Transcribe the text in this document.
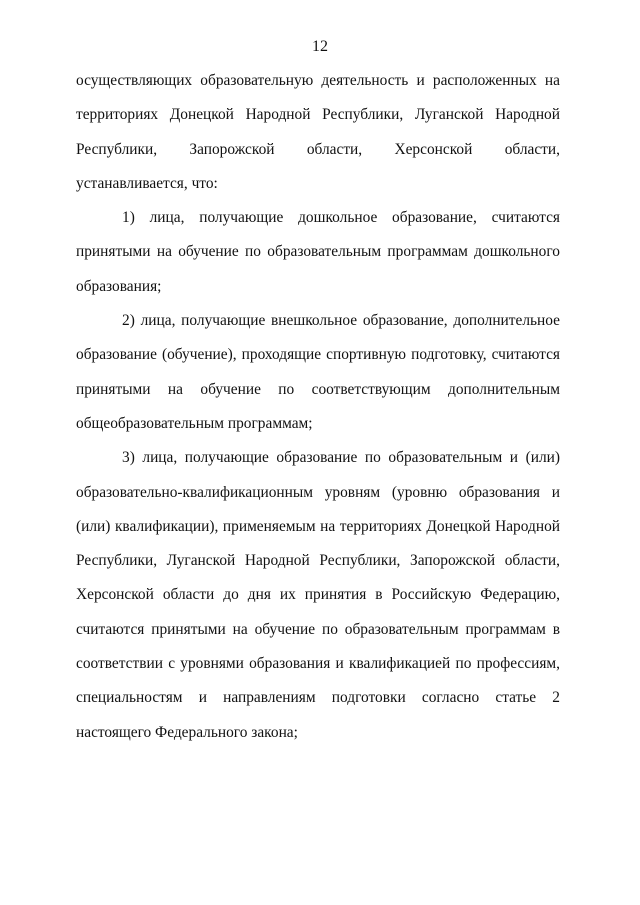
12

осуществляющих образовательную деятельность и расположенных на территориях Донецкой Народной Республики, Луганской Народной Республики, Запорожской области, Херсонской области, устанавливается, что:

1) лица, получающие дошкольное образование, считаются принятыми на обучение по образовательным программам дошкольного образования;

2) лица, получающие внешкольное образование, дополнительное образование (обучение), проходящие спортивную подготовку, считаются принятыми на обучение по соответствующим дополнительным общеобразовательным программам;

3) лица, получающие образование по образовательным и (или) образовательно-квалификационным уровням (уровню образования и (или) квалификации), применяемым на территориях Донецкой Народной Республики, Луганской Народной Республики, Запорожской области, Херсонской области до дня их принятия в Российскую Федерацию, считаются принятыми на обучение по образовательным программам в соответствии с уровнями образования и квалификацией по профессиям, специальностям и направлениям подготовки согласно статье 2 настоящего Федерального закона;
